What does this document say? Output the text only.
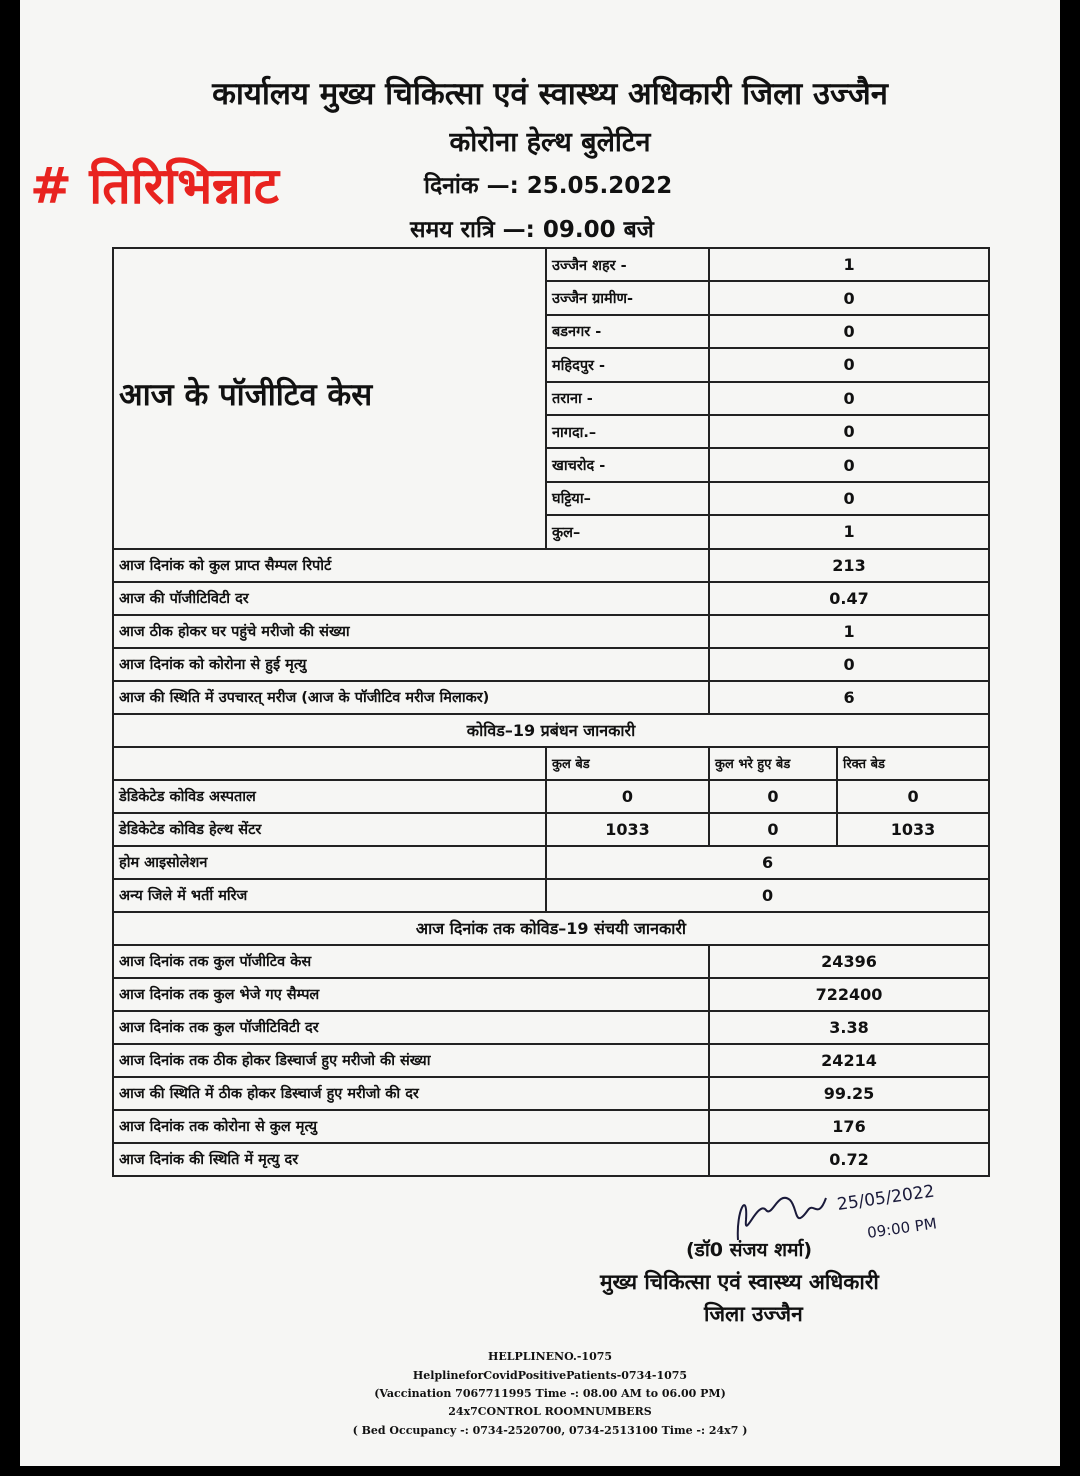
# तिरिभिन्नाट
कार्यालय मुख्य चिकित्सा एवं स्वास्थ्य अधिकारी जिला उज्जैन
कोरोना हेल्थ बुलेटिन
दिनांक —: 25.05.2022
समय रात्रि —: 09.00 बजे
आज के पॉजीटिव केस	उज्जैन शहर -	1	
	उज्जैन ग्रामीण-	0	
	बडनगर -	0	
	महिदपुर -	0	
	तराना -	0	
	नागदा.–	0	
	खाचरोद -	0	
	घट्टिया–	0	
	कुल–	1	
आज दिनांक को कुल प्राप्त सैम्पल रिपोर्ट		213	
आज की पॉजीटिविटी दर		0.47	
आज ठीक होकर घर पहुंचे मरीजो की संख्या		1	
आज दिनांक को कोरोना से हुई मृत्यु		0	
आज की स्थिति में उपचारत् मरीज (आज के पॉजीटिव मरीज मिलाकर)		6	
कोविड–19 प्रबंधन जानकारी			
	कुल बेड	कुल भरे हुए बेड	रिक्त बेड
डेडिकेटेड कोविड अस्पताल	0	0	0
डेडिकेटेड कोविड हेल्थ सेंटर	1033	0	1033
होम आइसोलेशन	6		
अन्य जिले में भर्ती मरिज	0		
आज दिनांक तक कोविड–19 संचयी जानकारी			
आज दिनांक तक कुल पॉजीटिव केस		24396	
आज दिनांक तक कुल भेजे गए सैम्पल		722400	
आज दिनांक तक कुल पॉजीटिविटी दर		3.38	
आज दिनांक तक ठीक होकर डिस्चार्ज हुए मरीजो की संख्या		24214	
आज की स्थिति में ठीक होकर डिस्चार्ज हुए मरीजो की दर		99.25	
आज दिनांक तक कोरोना से कुल मृत्यु		176	
आज दिनांक की स्थिति में मृत्यु दर		0.72	
25/05/2022
09:00 PM
(डॉ0 संजय शर्मा)
मुख्य चिकित्सा एवं स्वास्थ्य अधिकारी
जिला उज्जैन
HELPLINENO.-1075
HelplineforCovidPositivePatients-0734-1075
(Vaccination 7067711995 Time -: 08.00 AM to 06.00 PM)
24x7CONTROL ROOMNUMBERS
( Bed Occupancy -: 0734-2520700, 0734-2513100 Time -: 24x7 )
